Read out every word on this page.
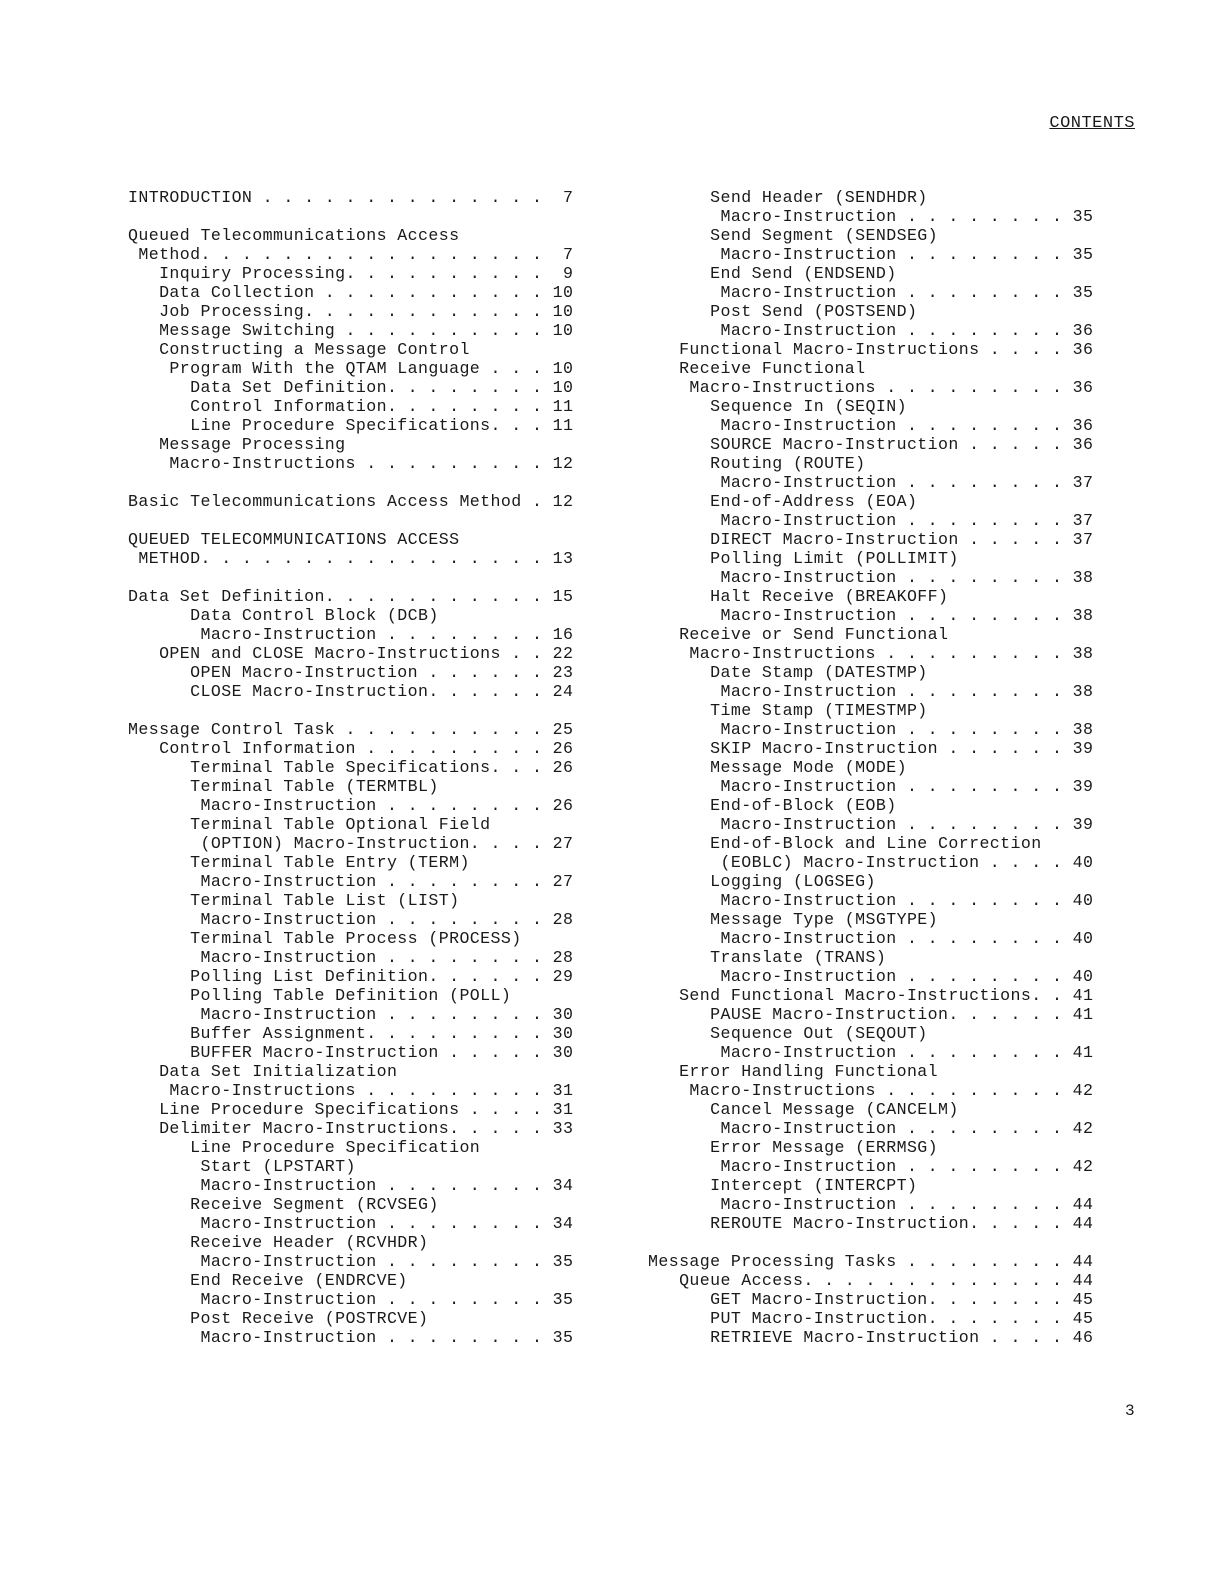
CONTENTS
INTRODUCTION . . . . . . . . . . . . . .  7
Queued Telecommunications Access
Method. . . . . . . . . . . . . . . . .  7
Inquiry Processing. . . . . . . . . .  9
Data Collection . . . . . . . . . . . 10
Job Processing. . . . . . . . . . . . 10
Message Switching . . . . . . . . . . 10
Constructing a Message Control
Program With the QTAM Language . . . 10
Data Set Definition. . . . . . . . 10
Control Information. . . . . . . . 11
Line Procedure Specifications. . . 11
Message Processing
Macro-Instructions . . . . . . . . . 12
Basic Telecommunications Access Method . 12
QUEUED TELECOMMUNICATIONS ACCESS
METHOD. . . . . . . . . . . . . . . . . 13
Data Set Definition. . . . . . . . . . . 15
Data Control Block (DCB)
Macro-Instruction . . . . . . . . 16
OPEN and CLOSE Macro-Instructions . . 22
OPEN Macro-Instruction . . . . . . 23
CLOSE Macro-Instruction. . . . . . 24
Message Control Task . . . . . . . . . . 25
Control Information . . . . . . . . . 26
Terminal Table Specifications. . . 26
Terminal Table (TERMTBL)
Macro-Instruction . . . . . . . . 26
Terminal Table Optional Field
(OPTION) Macro-Instruction. . . . 27
Terminal Table Entry (TERM)
Macro-Instruction . . . . . . . . 27
Terminal Table List (LIST)
Macro-Instruction . . . . . . . . 28
Terminal Table Process (PROCESS)
Macro-Instruction . . . . . . . . 28
Polling List Definition. . . . . . 29
Polling Table Definition (POLL)
Macro-Instruction . . . . . . . . 30
Buffer Assignment. . . . . . . . . 30
BUFFER Macro-Instruction . . . . . 30
Data Set Initialization
Macro-Instructions . . . . . . . . . 31
Line Procedure Specifications . . . . 31
Delimiter Macro-Instructions. . . . . 33
Line Procedure Specification
Start (LPSTART)
Macro-Instruction . . . . . . . . 34
Receive Segment (RCVSEG)
Macro-Instruction . . . . . . . . 34
Receive Header (RCVHDR)
Macro-Instruction . . . . . . . . 35
End Receive (ENDRCVE)
Macro-Instruction . . . . . . . . 35
Post Receive (POSTRCVE)
Macro-Instruction . . . . . . . . 35
Send Header (SENDHDR)
Macro-Instruction . . . . . . . . 35
Send Segment (SENDSEG)
Macro-Instruction . . . . . . . . 35
End Send (ENDSEND)
Macro-Instruction . . . . . . . . 35
Post Send (POSTSEND)
Macro-Instruction . . . . . . . . 36
Functional Macro-Instructions . . . . 36
Receive Functional
Macro-Instructions . . . . . . . . . 36
Sequence In (SEQIN)
Macro-Instruction . . . . . . . . 36
SOURCE Macro-Instruction . . . . . 36
Routing (ROUTE)
Macro-Instruction . . . . . . . . 37
End-of-Address (EOA)
Macro-Instruction . . . . . . . . 37
DIRECT Macro-Instruction . . . . . 37
Polling Limit (POLLIMIT)
Macro-Instruction . . . . . . . . 38
Halt Receive (BREAKOFF)
Macro-Instruction . . . . . . . . 38
Receive or Send Functional
Macro-Instructions . . . . . . . . . 38
Date Stamp (DATESTMP)
Macro-Instruction . . . . . . . . 38
Time Stamp (TIMESTMP)
Macro-Instruction . . . . . . . . 38
SKIP Macro-Instruction . . . . . . 39
Message Mode (MODE)
Macro-Instruction . . . . . . . . 39
End-of-Block (EOB)
Macro-Instruction . . . . . . . . 39
End-of-Block and Line Correction
(EOBLC) Macro-Instruction . . . . 40
Logging (LOGSEG)
Macro-Instruction . . . . . . . . 40
Message Type (MSGTYPE)
Macro-Instruction . . . . . . . . 40
Translate (TRANS)
Macro-Instruction . . . . . . . . 40
Send Functional Macro-Instructions. . 41
PAUSE Macro-Instruction. . . . . . 41
Sequence Out (SEQOUT)
Macro-Instruction . . . . . . . . 41
Error Handling Functional
Macro-Instructions . . . . . . . . . 42
Cancel Message (CANCELM)
Macro-Instruction . . . . . . . . 42
Error Message (ERRMSG)
Macro-Instruction . . . . . . . . 42
Intercept (INTERCPT)
Macro-Instruction . . . . . . . . 44
REROUTE Macro-Instruction. . . . . 44
Message Processing Tasks . . . . . . . . 44
Queue Access. . . . . . . . . . . . . 44
GET Macro-Instruction. . . . . . . 45
PUT Macro-Instruction. . . . . . . 45
RETRIEVE Macro-Instruction . . . . 46
3
